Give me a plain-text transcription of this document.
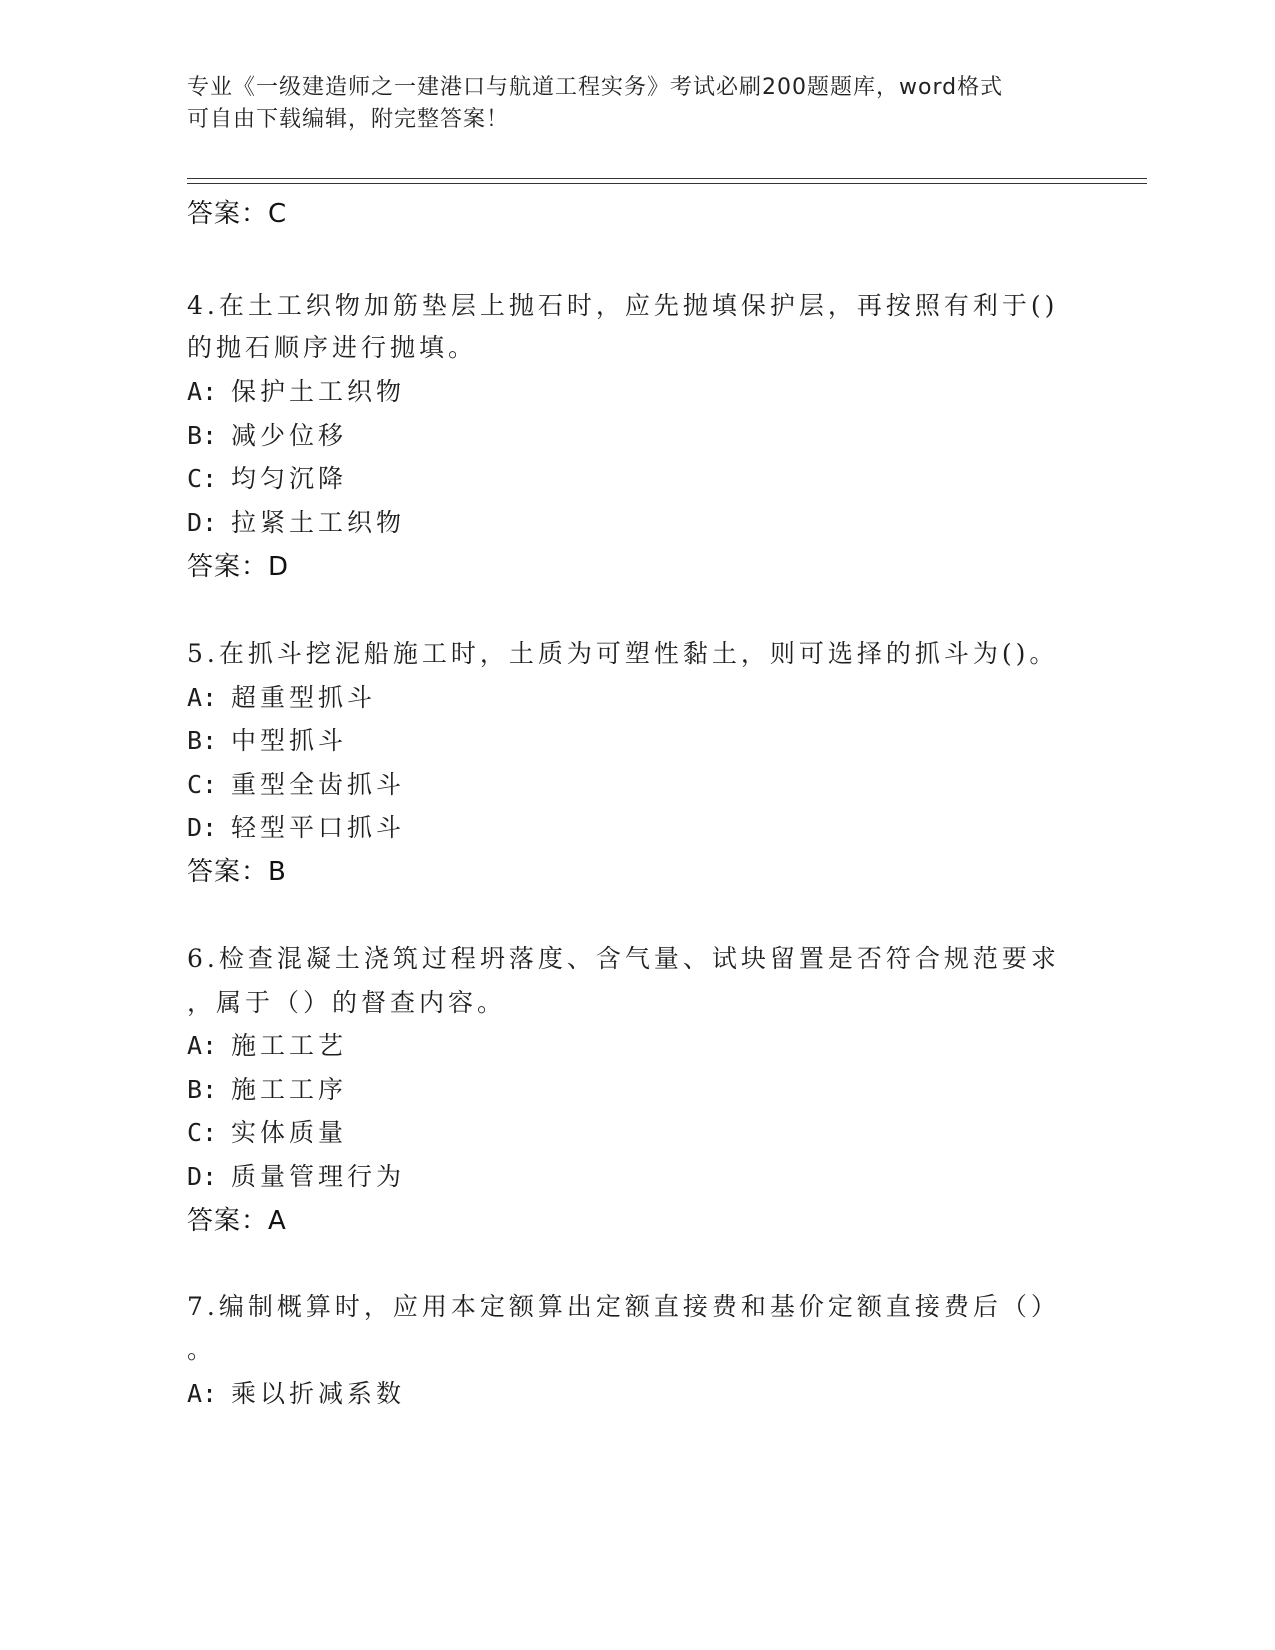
专业《一级建造师之一建港口与航道工程实务》考试必刷200题题库，word格式
可自由下载编辑，附完整答案！
答案：C
4.在土工织物加筋垫层上抛石时，应先抛填保护层，再按照有利于()
的抛石顺序进行抛填。
A: 保护土工织物
B: 减少位移
C: 均匀沉降
D: 拉紧土工织物
答案：D
5.在抓斗挖泥船施工时，土质为可塑性黏土，则可选择的抓斗为()。
A: 超重型抓斗
B: 中型抓斗
C: 重型全齿抓斗
D: 轻型平口抓斗
答案：B
6.检查混凝土浇筑过程坍落度、含气量、试块留置是否符合规范要求
，属于（）的督查内容。
A: 施工工艺
B: 施工工序
C: 实体质量
D: 质量管理行为
答案：A
7.编制概算时，应用本定额算出定额直接费和基价定额直接费后（）
。
A: 乘以折减系数
